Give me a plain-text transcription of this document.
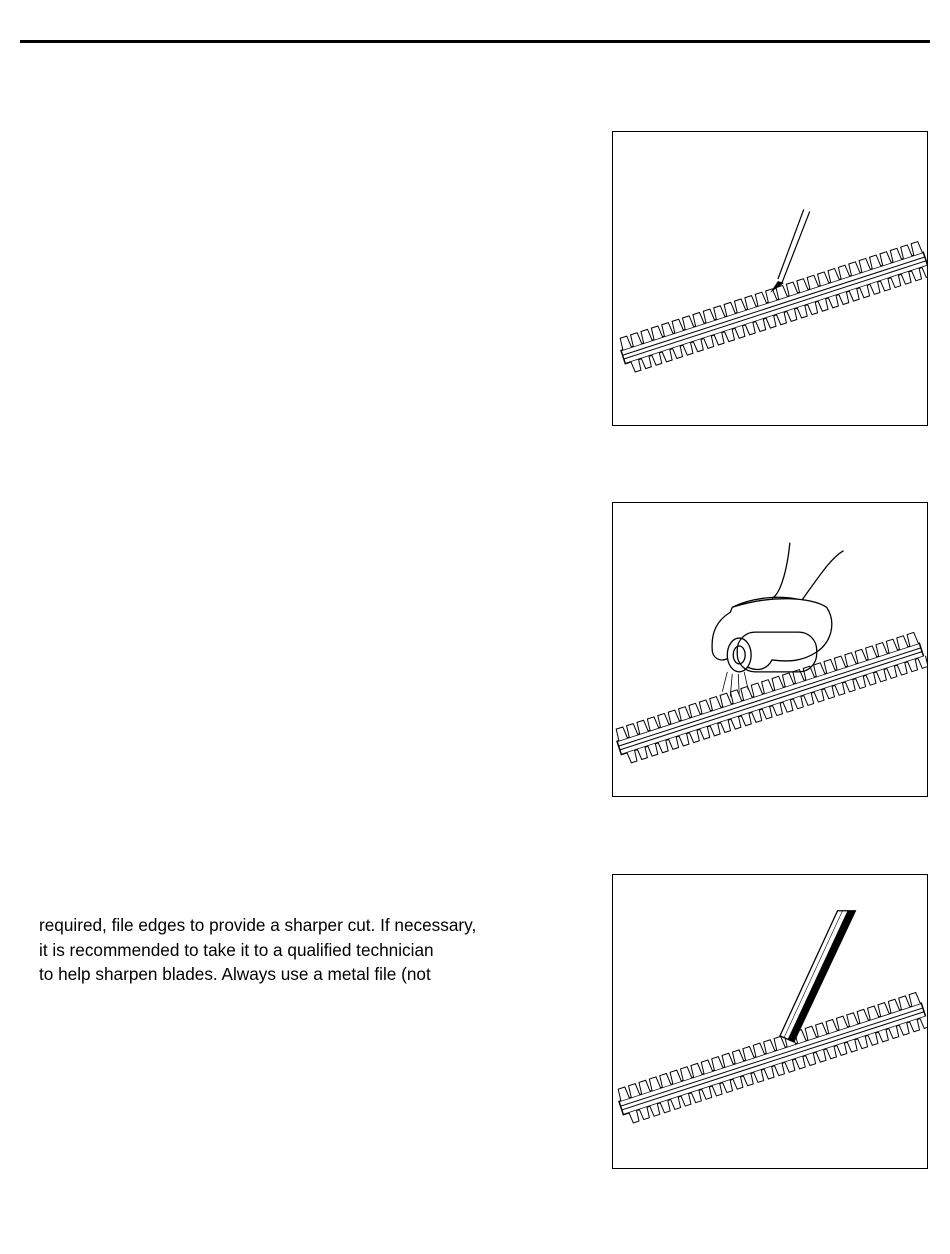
required, file edges to provide a sharper cut. If necessary,
it is recommended to take it to a qualified technician
to help sharpen blades. Always use a metal file (not
